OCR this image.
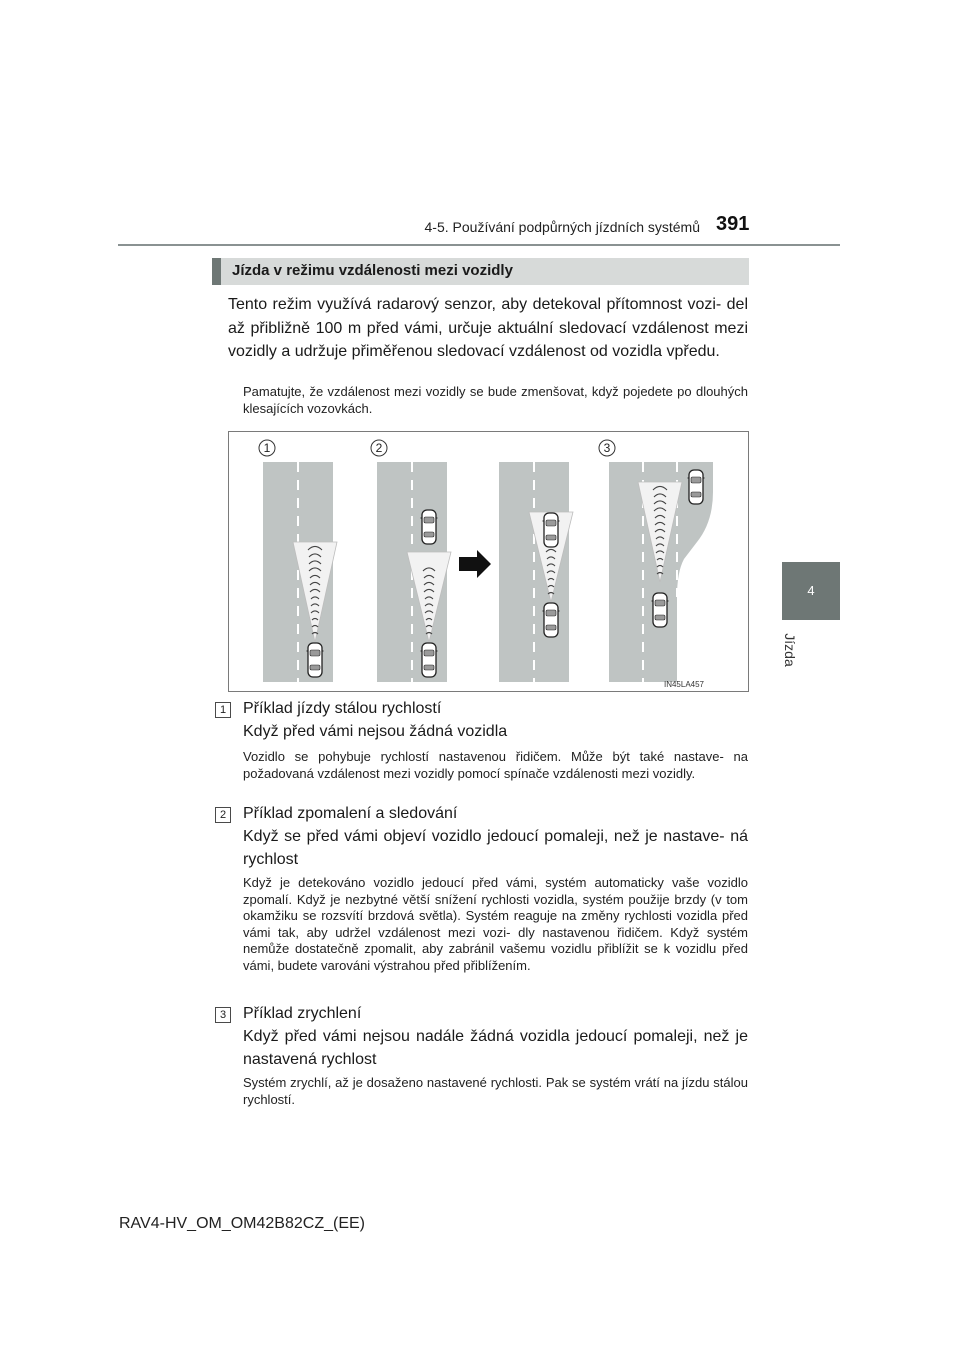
4-5. Používání podpůrných jízdních systémů 391
4
Jízda
Jízda v režimu vzdálenosti mezi vozidly

Tento režim využívá radarový senzor, aby detekoval přítomnost vozi- del až přibližně 100 m před vámi, určuje aktuální sledovací vzdálenost mezi vozidly a udržuje přiměřenou sledovací vzdálenost od vozidla vpředu.

Pamatujte, že vzdálenost mezi vozidly se bude zmenšovat, když pojedete po dlouhých klesajících vozovkách.

1	2	3
IN45LA457
1	Příklad jízdy stálou rychlostí
Když před vámi nejsou žádná vozidla

Vozidlo se pohybuje rychlostí nastavenou řidičem. Může být také nastave- na požadovaná vzdálenost mezi vozidly pomocí spínače vzdálenosti mezi vozidly.

2	Příklad zpomalení a sledování
Když se před vámi objeví vozidlo jedoucí pomaleji, než je nastave- ná rychlost

Když je detekováno vozidlo jedoucí před vámi, systém automaticky vaše vozidlo zpomalí. Když je nezbytné větší snížení rychlosti vozidla, systém použije brzdy (v tom okamžiku se rozsvítí brzdová světla). Systém reaguje na změny rychlosti vozidla před vámi tak, aby udržel vzdálenost mezi vozi- dly nastavenou řidičem. Když systém nemůže dostatečně zpomalit, aby zabránil vašemu vozidlu přiblížit se k vozidlu před vámi, budete varováni výstrahou před přiblížením.

3	Příklad zrychlení
Když před vámi nejsou nadále žádná vozidla jedoucí pomaleji, než je nastavená rychlost

Systém zrychlí, až je dosaženo nastavené rychlosti. Pak se systém vrátí na jízdu stálou rychlostí.

RAV4-HV_OM_OM42B82CZ_(EE)
